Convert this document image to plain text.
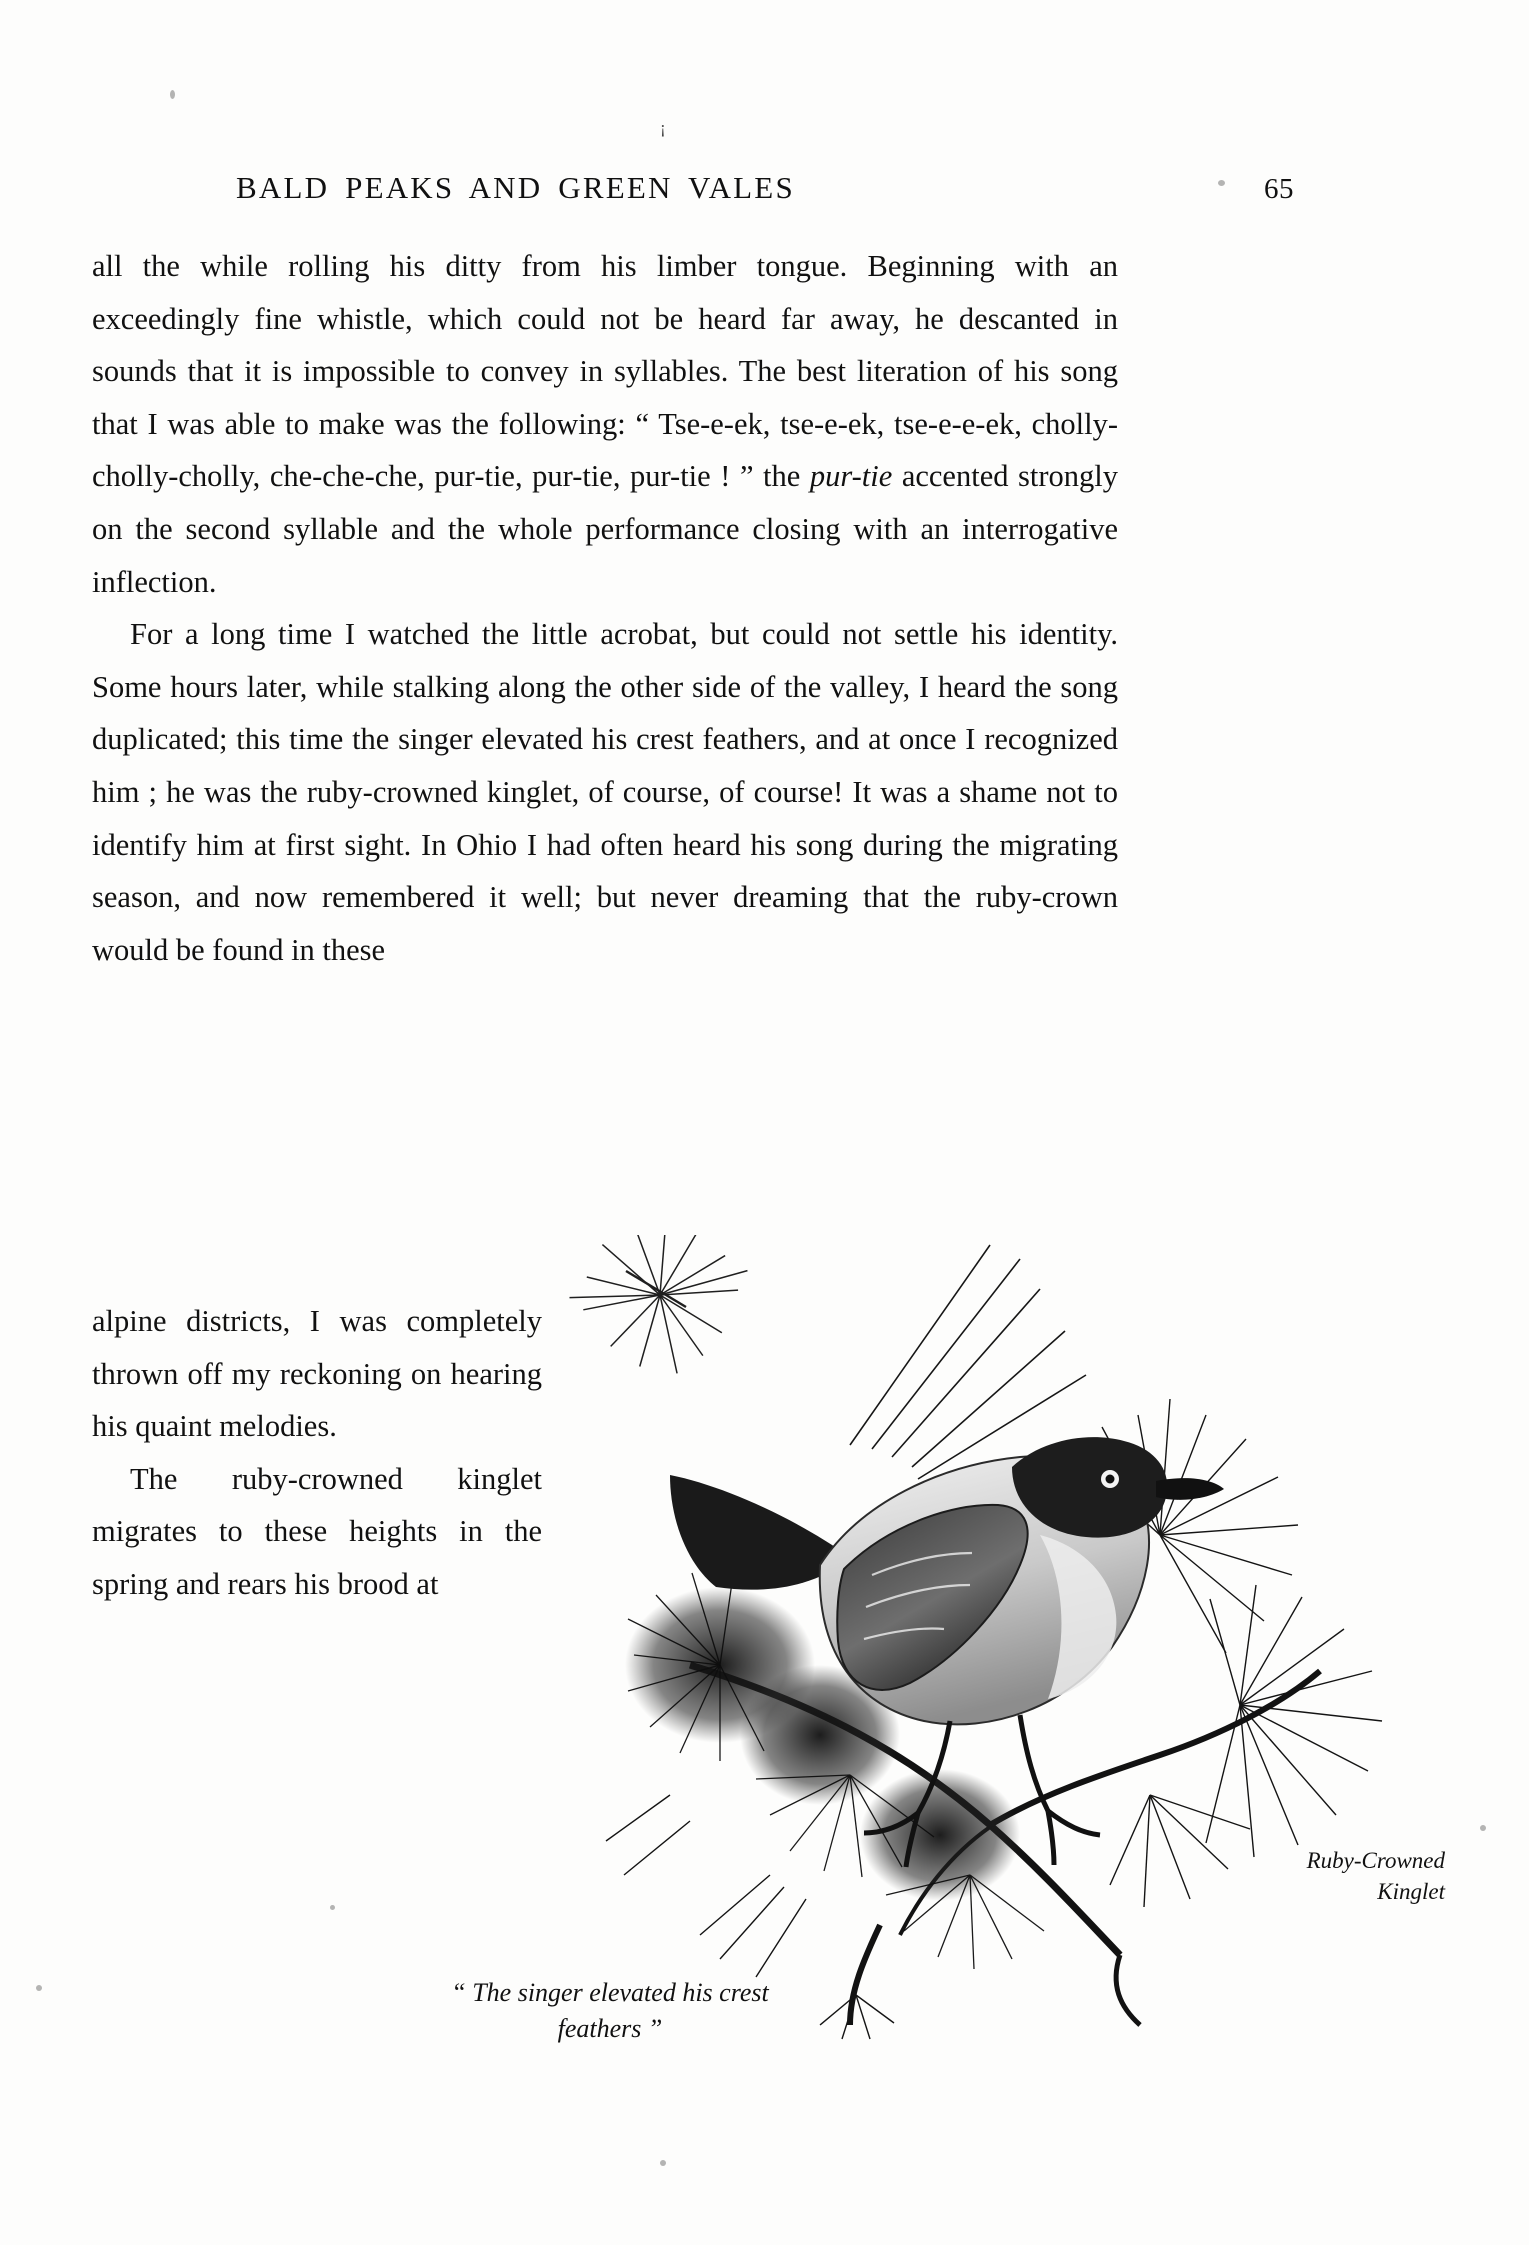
¡
BALD PEAKS AND GREEN VALES	65

all the while rolling his ditty from his limber tongue. Beginning with an exceedingly fine whistle, which could not be heard far away, he descanted in sounds that it is impossible to convey in syllables. The best literation of his song that I was able to make was the following: “ Tse-e-ek, tse-e-ek, tse-e-e-ek, cholly-cholly-cholly, che-che-che, pur-tie, pur-tie, pur-tie ! ” the pur-tie accented strongly on the second syllable and the whole performance closing with an interrogative inflection.

For a long time I watched the little acrobat, but could not settle his identity. Some hours later, while stalking along the other side of the valley, I heard the song duplicated; this time the singer elevated his crest feathers, and at once I recognized him ; he was the ruby-crowned kinglet, of course, of course! It was a shame not to identify him at first sight. In Ohio I had often heard his song during the migrating season, and now remembered it well; but never dreaming that the ruby-crown would be found in these

alpine districts, I was completely thrown off my reckoning on hearing his quaint melodies.

The ruby-crowned kinglet migrates to these heights in the spring and rears his brood at

“ The singer elevated his crest feathers ”
Ruby-Crowned
Kinglet
